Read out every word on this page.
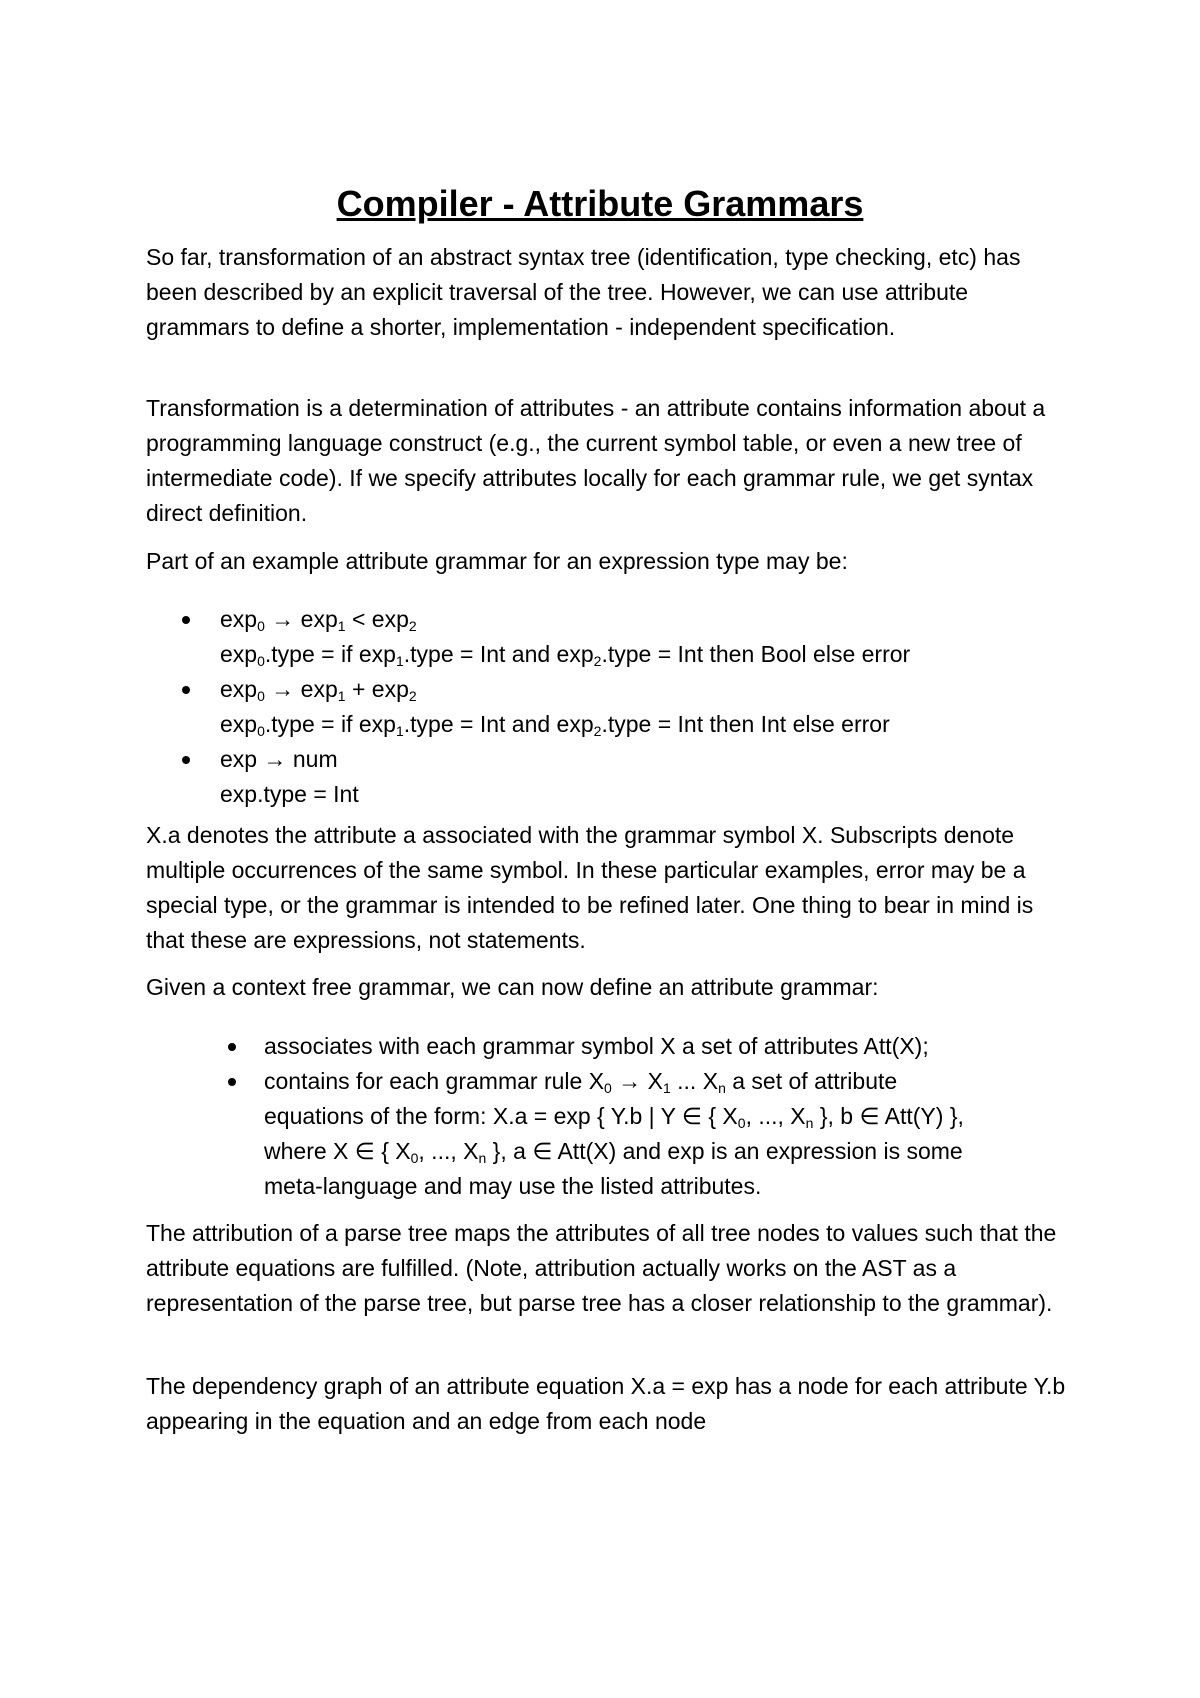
Compiler - Attribute Grammars

So far, transformation of an abstract syntax tree (identification, type checking, etc) has been described by an explicit traversal of the tree. However, we can use attribute grammars to define a shorter, implementation - independent specification.

Transformation is a determination of attributes - an attribute contains information about a programming language construct (e.g., the current symbol table, or even a new tree of intermediate code). If we specify attributes locally for each grammar rule, we get syntax direct definition.

Part of an example attribute grammar for an expression type may be:

$\exp_0 \to \exp_1 < \exp_2$
$\exp_0.type$ = if $\exp_1.type$ = Int and $\exp_2.type$ = Int then Bool else error
$\exp_0 \to \exp_1 + \exp_2$
$\exp_0.type$ = if $\exp_1.type$ = Int and $\exp_2.type$ = Int then Int else error
exp → num
exp.type = Int

X.a denotes the attribute a associated with the grammar symbol X. Subscripts denote multiple occurrences of the same symbol. In these particular examples, error may be a special type, or the grammar is intended to be refined later. One thing to bear in mind is that these are expressions, not statements.

Given a context free grammar, we can now define an attribute grammar:

associates with each grammar symbol X a set of attributes Att(X);
contains for each grammar rule $X_0 \to X_1$ ... $X_n$ a set of attribute
equations of the form: X.a = exp { Y.b | Y ∈ { $X_0$, ..., $X_n$ }, b ∈ Att(Y) },
where X ∈ { $X_0$, ..., $X_n$ }, a ∈ Att(X) and exp is an expression is some
meta-language and may use the listed attributes.

The attribution of a parse tree maps the attributes of all tree nodes to values such that the attribute equations are fulfilled. (Note, attribution actually works on the AST as a representation of the parse tree, but parse tree has a closer relationship to the grammar).

The dependency graph of an attribute equation X.a = exp has a node for each attribute Y.b appearing in the equation and an edge from each node
